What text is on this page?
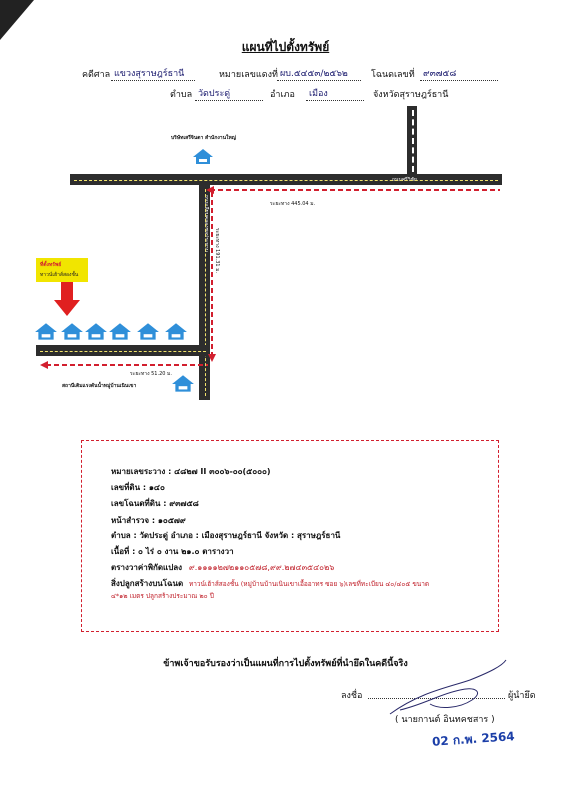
แผนที่ไปตั้งทรัพย์
คดีศาล แขวงสุราษฎร์ธานี	หมายเลขแดงที่ ผบ.๕๔๕๓/๒๕๖๒	โฉนดเลขที่ ๙๓๗๕๘
ตำบล วัดประดู่	อำเภอ	เมือง	จังหวัดสุราษฎร์ธานี
ถนนศรีวิชัย
ถนนเลียบคลองชลประทาน
บริษัทเสรีจินดา สำนักงานใหญ่
ระยะทาง 445.04 ม.
ระยะทาง 191.31 ม.
ระยะทาง 51.20 ม.
ที่ตั้งทรัพย์
ทาวน์เฮ้าส์สองชั้น
สถานีเติมแรงดันน้ำหมู่บ้านเนินเขา
หมายเลขระวาง : ๔๘๒๗ II ๓๐๐๖-๐๐(๕๐๐๐)
เลขที่ดิน : ๑๔๐
เลขโฉนดที่ดิน : ๙๓๗๕๘
หน้าสำรวจ : ๑๐๕๗๙
ตำบล : วัดประดู่ อำเภอ : เมืองสุราษฎร์ธานี จังหวัด : สุราษฎร์ธานี
เนื้อที่ : ๐ ไร่ ๐ งาน ๒๑.๐ ตารางวา
ตรางวาค่าพิกัดแปลง ๙.๑๑๑๑๒๗๒๑๑๐๕๗๘,๙๙.๒๗๔๓๕๔๐๒๖
สิ่งปลูกสร้างบนโฉนด ทาวน์เฮ้าส์สองชั้น (หมู่บ้านบ้านเนินเขาเอื้ออาทร ซอย ๖)เลขที่ทะเบียน ๔๐/๔๐๕ ขนาด
๔*๑๒ เมตร ปลูกสร้างประมาณ ๒๐ ปี
ข้าพเจ้าขอรับรองว่าเป็นแผนที่การไปตั้งทรัพย์ที่นำยึดในคดีนี้จริง
ลงชื่อ	ผู้นำยึด
( นายกานต์ อินทคชสาร )
02 ก.พ. 2564
